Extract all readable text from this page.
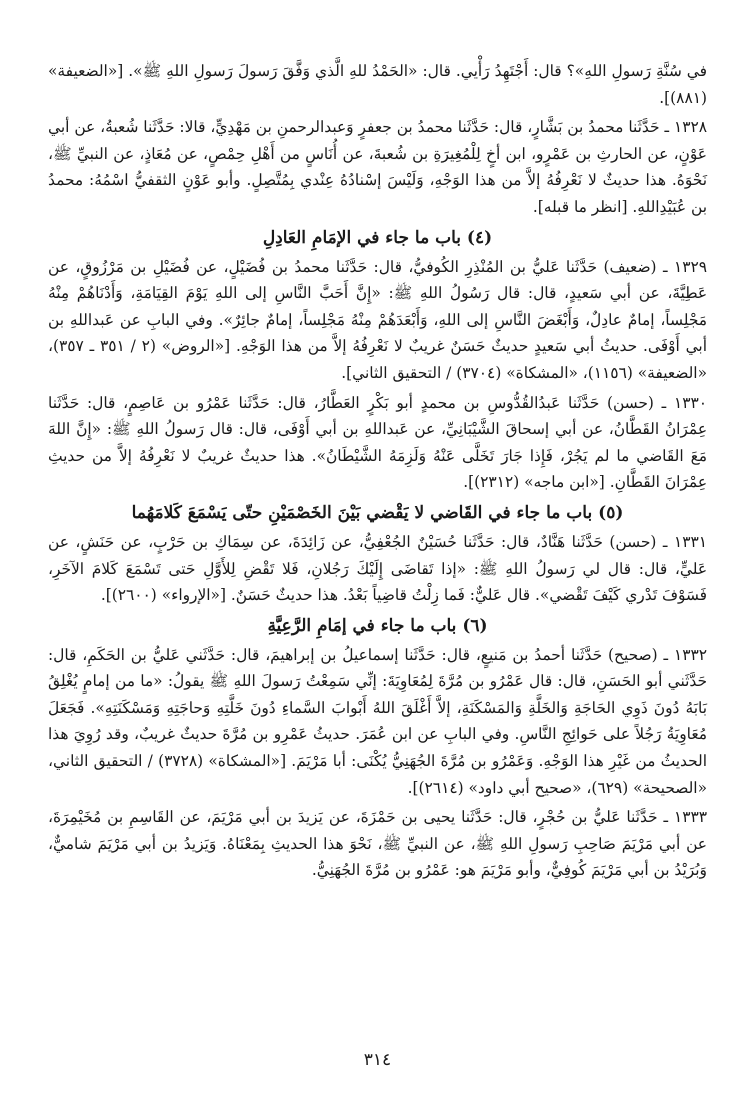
في سُنَّةِ رَسولِ اللهِ»؟ قال: أَجْتَهِدُ رَأْيي. قال: «الحَمْدُ للهِ الَّذي وَفَّقَ رَسولَ رَسولِ اللهِ ﷺ». [«الضعيفة» (٨٨١)].

١٣٢٨ ـ حَدَّثَنا محمدُ بن بَشَّارٍ، قال: حَدَّثَنا محمدُ بن جعفرٍ وَعبدالرحمنِ بن مَهْدِيٍّ، قالا: حَدَّثَنا شُعبةُ، عن أبي عَوْنٍ، عن الحارثِ بن عَمْرٍو، ابن أخٍ لِلْمُغِيرَةِ بن شُعبةَ، عن أُنَاسٍ من أَهْلِ حِمْصٍ، عن مُعَاذٍ، عن النبيِّ ﷺ، نَحْوَهُ. هذا حديثٌ لا نَعْرِفُهُ إلاَّ من هذا الوَجْهِ، وَلَيْسَ إسْنادُهُ عِنْدي بِمُتَّصِلٍ. وأبو عَوْنٍ الثقفيُّ اسْمُهُ: محمدُ بن عُبَيْدِاللهِ. [انظر ما قبله].

(٤) باب ما جاء في الإمَامِ العَادِلِ

١٣٢٩ ـ (ضعيف) حَدَّثَنا عَليُّ بن المُنْذِرِ الكُوفيُّ، قال: حَدَّثَنا محمدُ بن فُضَيْلٍ، عن فُضَيْلِ بن مَرْزُوقٍ، عن عَطِيَّةَ، عن أبي سَعيدٍ، قال: قال رَسُولُ اللهِ ﷺ: «إِنَّ أَحَبَّ النَّاسِ إلى اللهِ يَوْمَ القِيَامَةِ، وَأَدْنَاهُمْ مِنْهُ مَجْلِساً، إمامٌ عادِلٌ، وَأَبْغَضَ النَّاسِ إلى اللهِ، وَأَبْعَدَهُمْ مِنْهُ مَجْلِساً، إمامٌ جائِرٌ». وفي البابِ عن عَبداللهِ بن أبي أَوْفَى. حديثُ أبي سَعيدٍ حديثٌ حَسَنٌ غريبٌ لا نَعْرِفُهُ إلاَّ من هذا الوَجْهِ. [«الروض» (٢ / ٣٥١ ـ ٣٥٧)، «الضعيفة» (١١٥٦)، «المشكاة» (٣٧٠٤) / التحقيق الثاني].

١٣٣٠ ـ (حسن) حَدَّثَنا عَبدُالقُدُّوسِ بن محمدٍ أبو بَكْرٍ العَطَّارُ، قال: حَدَّثَنا عَمْرُو بن عَاصِمٍ، قال: حَدَّثَنا عِمْرَانُ القَطَّانُ، عن أبي إسحاقَ الشَّيْبَانِيِّ، عن عَبداللهِ بن أبي أَوْفَى، قال: قال رَسولُ اللهِ ﷺ: «إِنَّ اللهَ مَعَ القَاضي ما لم يَجُرْ، فَإِذا جَارَ تَخَلَّى عَنْهُ وَلَزِمَهُ الشَّيْطَانُ». هذا حديثٌ غريبٌ لا نَعْرِفُهُ إلاَّ من حديثِ عِمْرَانَ القَطَّانِ. [«ابن ماجه» (٢٣١٢)].

(٥) باب ما جاء في القَاضي لا يَقْضي بَيْنَ الخَصْمَيْنِ حتّى يَسْمَعَ كَلامَهُما

١٣٣١ ـ (حسن) حَدَّثَنا هَنَّادٌ، قال: حَدَّثَنا حُسَيْنٌ الجُعْفِيُّ، عن زَائِدَةَ، عن سِمَاكِ بن حَرْبٍ، عن حَنَشٍ، عن عَليٍّ، قال: قال لي رَسولُ اللهِ ﷺ: «إذا تَقاضَى إِلَيْكَ رَجُلانِ، فَلا تَقْضِ لِلأَوَّلِ حَتى تَسْمَعَ كَلامَ الآخَرِ، فَسَوْفَ تَدْري كَيْفَ تَقْضي». قال عَليٌّ: فَما زِلْتُ قاضِياً بَعْدُ. هذا حديثٌ حَسَنٌ. [«الإرواء» (٢٦٠٠)].

(٦) باب ما جاء في إمَامِ الرَّعِيَّةِ

١٣٣٢ ـ (صحيح) حَدَّثَنا أحمدُ بن مَنيعٍ، قال: حَدَّثَنا إسماعيلُ بن إبراهيمَ، قال: حَدَّثَني عَليُّ بن الحَكَمِ، قال: حَدَّثَني أبو الحَسَنِ، قال: قال عَمْرُو بن مُرَّةَ لِمُعَاوِيَةَ: إنِّي سَمِعْتُ رَسولَ اللهِ ﷺ يقولُ: «ما من إمامٍ يُغْلِقُ بَابَهُ دُونَ ذَوِي الحَاجَةِ وَالخَلَّةِ وَالمَسْكَنَةِ، إلاَّ أَغْلَقَ اللهُ أَبْوابَ السَّماءِ دُونَ خَلَّتِهِ وَحاجَتِهِ وَمَسْكَنَتِهِ». فَجَعَلَ مُعَاوِيَةُ رَجُلاً على حَوائِجِ النَّاسِ. وفي البابِ عن ابن عُمَرَ. حديثُ عَمْرِو بن مُرَّةَ حديثٌ غريبٌ، وقد رُوِيَ هذا الحديثُ من غَيْرِ هذا الوَجْهِ. وَعَمْرُو بن مُرَّةَ الجُهَنِيُّ يُكْنَى: أبا مَرْيَمَ. [«المشكاة» (٣٧٢٨) / التحقيق الثاني، «الصحيحة» (٦٢٩)، «صحيح أبي داود» (٢٦١٤)].

١٣٣٣ ـ حَدَّثَنا عَليُّ بن حُجْرٍ، قال: حَدَّثَنا يحيى بن حَمْزَةَ، عن يَزيدَ بن أبي مَرْيَمَ، عن القَاسِمِ بن مُخَيْمِرَةَ، عن أبي مَرْيَمَ صَاحِبِ رَسولِ اللهِ ﷺ، عن النبيِّ ﷺ، نَحْوَ هذا الحديثِ بِمَعْنَاهُ. وَيَزيدُ بن أبي مَرْيَمَ شاميٌّ، وَبُرَيْدُ بن أبي مَرْيَمَ كُوفِيٌّ، وأبو مَرْيَمَ هو: عَمْرُو بن مُرَّةَ الجُهَنِيُّ.

٣١٤
